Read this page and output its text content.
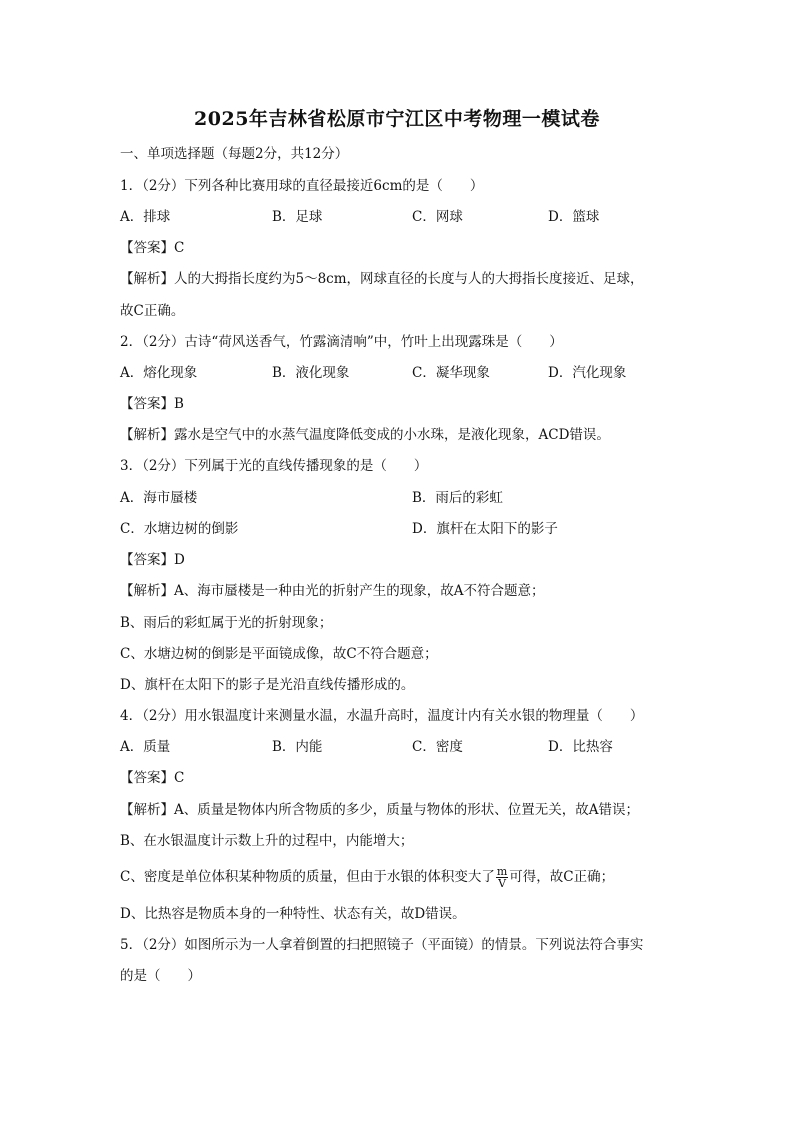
2025年吉林省松原市宁江区中考物理一模试卷
一、单项选择题（每题2分，共12分）
1．（2分）下列各种比赛用球的直径最接近6cm的是（　　）
A．排球	B．足球	C．网球	D．篮球
【答案】C
【解析】人的大拇指长度约为5～8cm，网球直径的长度与人的大拇指长度接近、足球，
故C正确。
2．（2分）古诗“荷风送香气，竹露滴清响”中，竹叶上出现露珠是（　　）
A．熔化现象	B．液化现象	C．凝华现象	D．汽化现象
【答案】B
【解析】露水是空气中的水蒸气温度降低变成的小水珠，是液化现象，ACD错误。
3．（2分）下列属于光的直线传播现象的是（　　）
A．海市蜃楼	B．雨后的彩虹
C．水塘边树的倒影	D．旗杆在太阳下的影子
【答案】D
【解析】A、海市蜃楼是一种由光的折射产生的现象，故A不符合题意；
B、雨后的彩虹属于光的折射现象；
C、水塘边树的倒影是平面镜成像，故C不符合题意；
D、旗杆在太阳下的影子是光沿直线传播形成的。
4．（2分）用水银温度计来测量水温，水温升高时，温度计内有关水银的物理量（　　）
A．质量	B．内能	C．密度	D．比热容
【答案】C
【解析】A、质量是物体内所含物质的多少，质量与物体的形状、位置无关，故A错误；
B、在水银温度计示数上升的过程中，内能增大；
C、密度是单位体积某种物质的质量，但由于水银的体积变大了 $\frac{m}{V}$ 可得，故C正确；
D、比热容是物质本身的一种特性、状态有关，故D错误。
5．（2分）如图所示为一人拿着倒置的扫把照镜子（平面镜）的情景。下列说法符合事实
的是（　　）
